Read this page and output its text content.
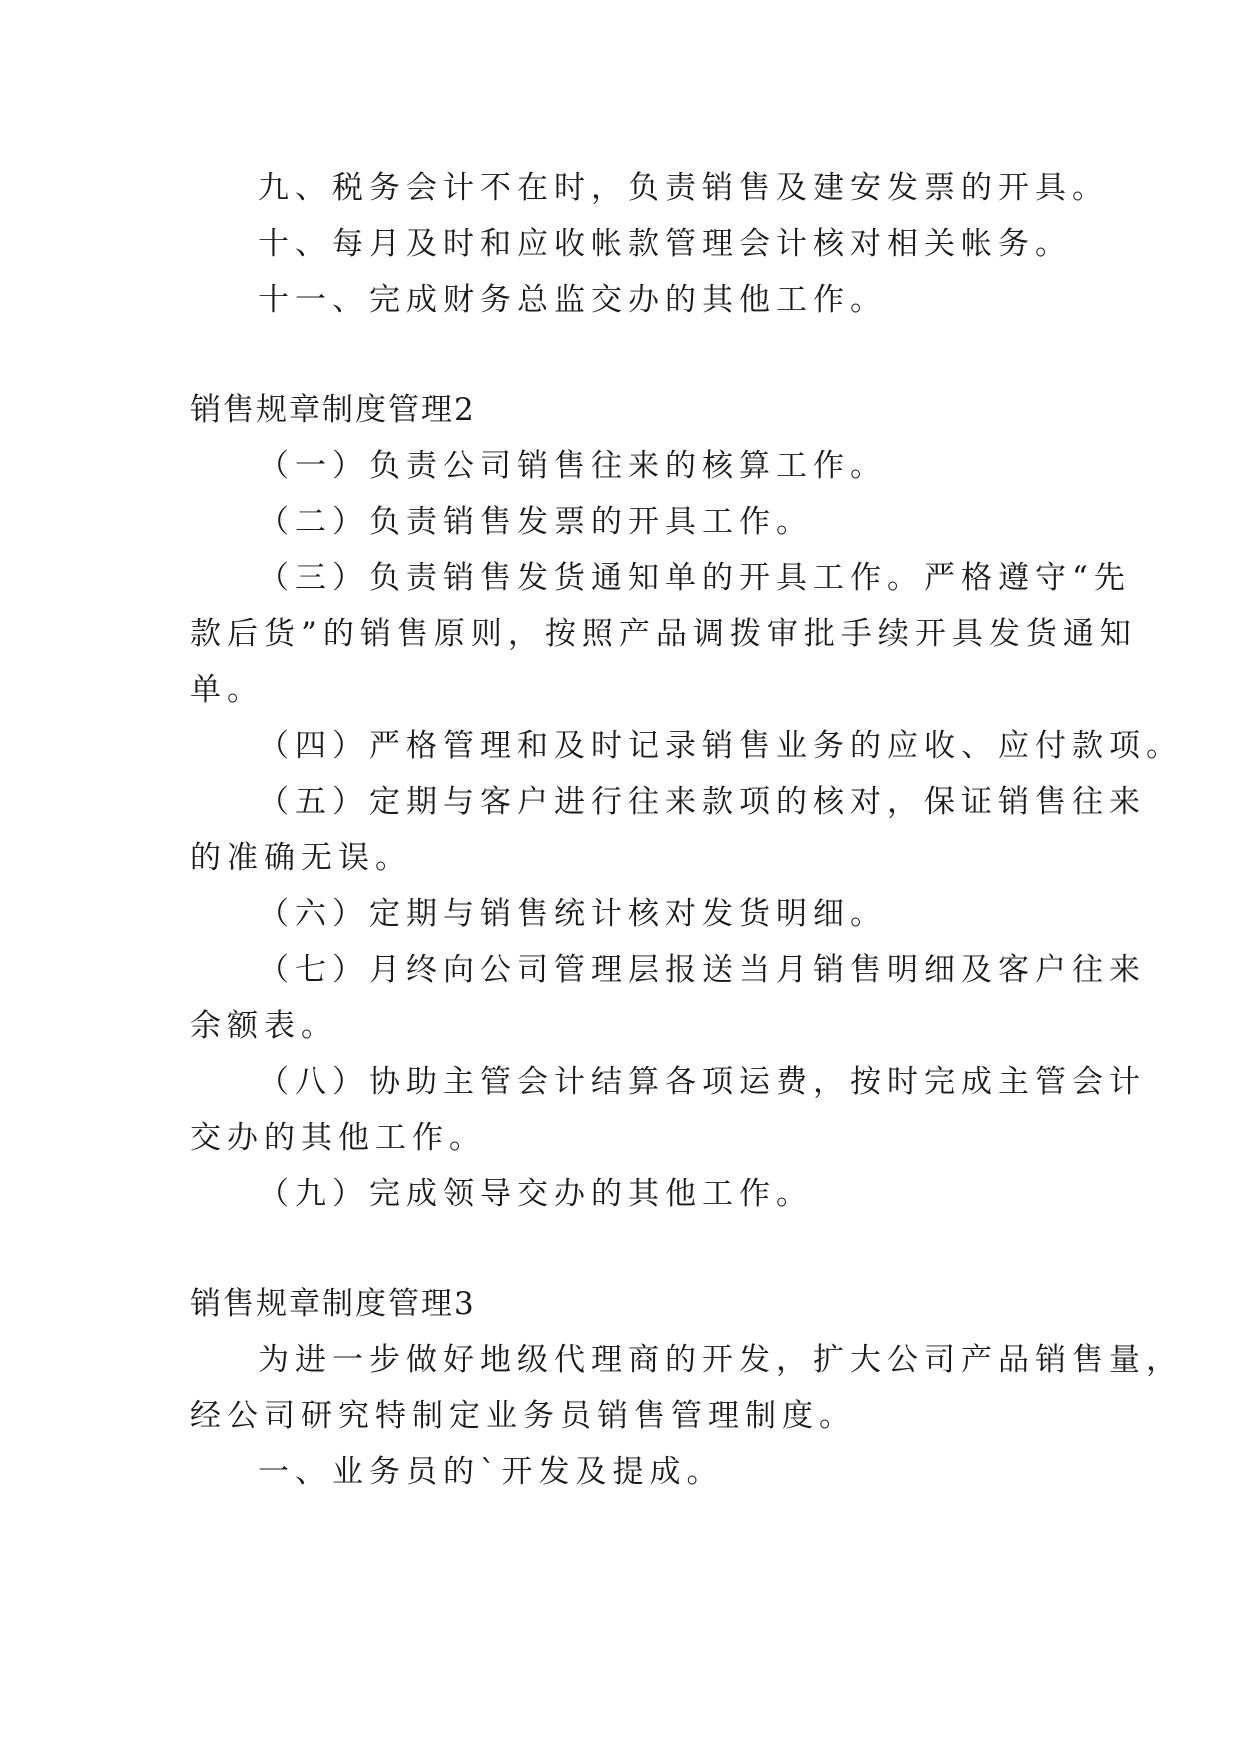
九、税务会计不在时，负责销售及建安发票的开具。
十、每月及时和应收帐款管理会计核对相关帐务。
十一、完成财务总监交办的其他工作。
销售规章制度管理2
（一）负责公司销售往来的核算工作。
（二）负责销售发票的开具工作。
（三）负责销售发货通知单的开具工作。严格遵守“先
款后货”的销售原则，按照产品调拨审批手续开具发货通知
单。
（四）严格管理和及时记录销售业务的应收、应付款项。
（五）定期与客户进行往来款项的核对，保证销售往来
的准确无误。
（六）定期与销售统计核对发货明细。
（七）月终向公司管理层报送当月销售明细及客户往来
余额表。
（八）协助主管会计结算各项运费，按时完成主管会计
交办的其他工作。
（九）完成领导交办的其他工作。
销售规章制度管理3
为进一步做好地级代理商的开发，扩大公司产品销售量，
经公司研究特制定业务员销售管理制度。
一、业务员的`开发及提成。
